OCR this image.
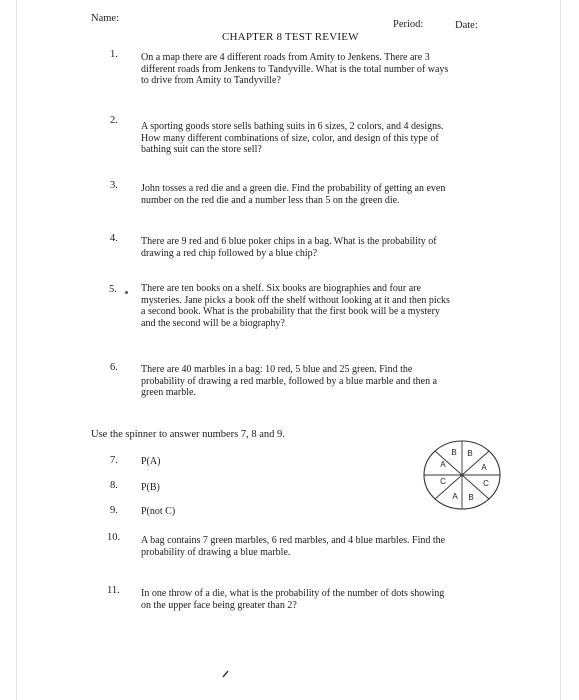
Name:
Period:	Date:
CHAPTER 8 TEST REVIEW
1. On a map there are 4 different roads from Amity to Jenkens. There are 3
different roads from Jenkens to Tandyville. What is the total number of ways
to drive from Amity to Tandyville?
2.
A sporting goods store sells bathing suits in 6 sizes, 2 colors, and 4 designs.
How many different combinations of size, color, and design of this type of
bathing suit can the store sell?
3. John tosses a red die and a green die. Find the probability of getting an even
number on the red die and a number less than 5 on the green die.
4. There are 9 red and 6 blue poker chips in a bag. What is the probability of
drawing a red chip followed by a blue chip?
5. There are ten books on a shelf. Six books are biographies and four are
mysteries. Jane picks a book off the shelf without looking at it and then picks
a second book. What is the probability that the first book will be a mystery
and the second will be a biography?
6. There are 40 marbles in a bag: 10 red, 5 blue and 25 green. Find the
probability of drawing a red marble, followed by a blue marble and then a
green marble.
Use the spinner to answer numbers 7, 8 and 9.
7. P(A)
8. P(B)
9. P(not C)
B B
A	A
C	C
A B
10. A bag contains 7 green marbles, 6 red marbles, and 4 blue marbles. Find the
probability of drawing a blue marble.
11. In one throw of a die, what is the probability of the number of dots showing
on the upper face being greater than 2?
